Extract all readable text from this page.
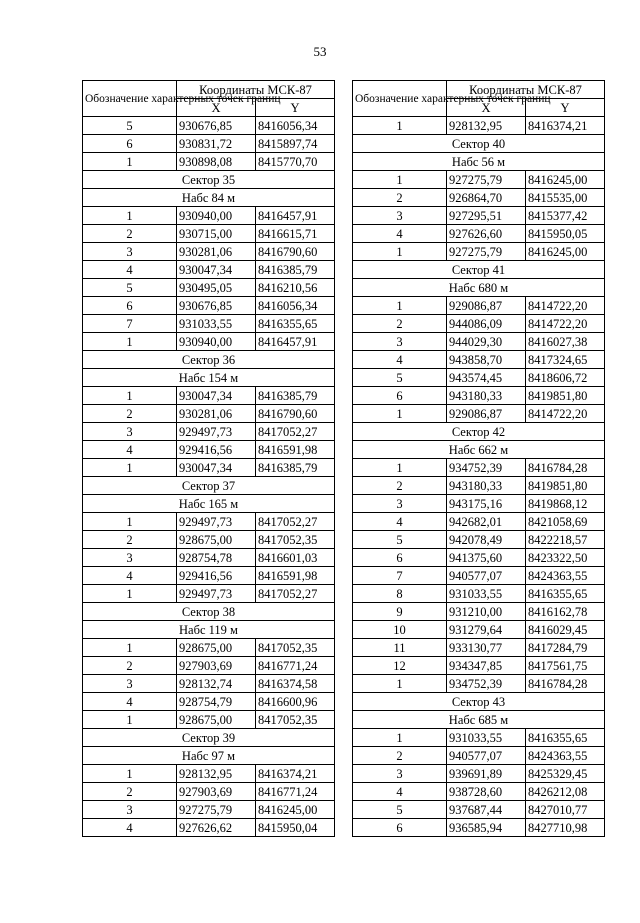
53
Обозначение характерных точек границ	Координаты МСК-87	
	X	Y
5	930676,85	8416056,34
6	930831,72	8415897,74
1	930898,08	8415770,70
Сектор 35		
Набс 84 м		
1	930940,00	8416457,91
2	930715,00	8416615,71
3	930281,06	8416790,60
4	930047,34	8416385,79
5	930495,05	8416210,56
6	930676,85	8416056,34
7	931033,55	8416355,65
1	930940,00	8416457,91
Сектор 36		
Набс 154 м		
1	930047,34	8416385,79
2	930281,06	8416790,60
3	929497,73	8417052,27
4	929416,56	8416591,98
1	930047,34	8416385,79
Сектор 37		
Набс 165 м		
1	929497,73	8417052,27
2	928675,00	8417052,35
3	928754,78	8416601,03
4	929416,56	8416591,98
1	929497,73	8417052,27
Сектор 38		
Набс 119 м		
1	928675,00	8417052,35
2	927903,69	8416771,24
3	928132,74	8416374,58
4	928754,79	8416600,96
1	928675,00	8417052,35
Сектор 39		
Набс 97 м		
1	928132,95	8416374,21
2	927903,69	8416771,24
3	927275,79	8416245,00
4	927626,62	8415950,04
Обозначение характерных точек границ	Координаты МСК-87	
	X	Y
1	928132,95	8416374,21
Сектор 40		
Набс 56 м		
1	927275,79	8416245,00
2	926864,70	8415535,00
3	927295,51	8415377,42
4	927626,60	8415950,05
1	927275,79	8416245,00
Сектор 41		
Набс 680 м		
1	929086,87	8414722,20
2	944086,09	8414722,20
3	944029,30	8416027,38
4	943858,70	8417324,65
5	943574,45	8418606,72
6	943180,33	8419851,80
1	929086,87	8414722,20
Сектор 42		
Набс 662 м		
1	934752,39	8416784,28
2	943180,33	8419851,80
3	943175,16	8419868,12
4	942682,01	8421058,69
5	942078,49	8422218,57
6	941375,60	8423322,50
7	940577,07	8424363,55
8	931033,55	8416355,65
9	931210,00	8416162,78
10	931279,64	8416029,45
11	933130,77	8417284,79
12	934347,85	8417561,75
1	934752,39	8416784,28
Сектор 43		
Набс 685 м		
1	931033,55	8416355,65
2	940577,07	8424363,55
3	939691,89	8425329,45
4	938728,60	8426212,08
5	937687,44	8427010,77
6	936585,94	8427710,98
